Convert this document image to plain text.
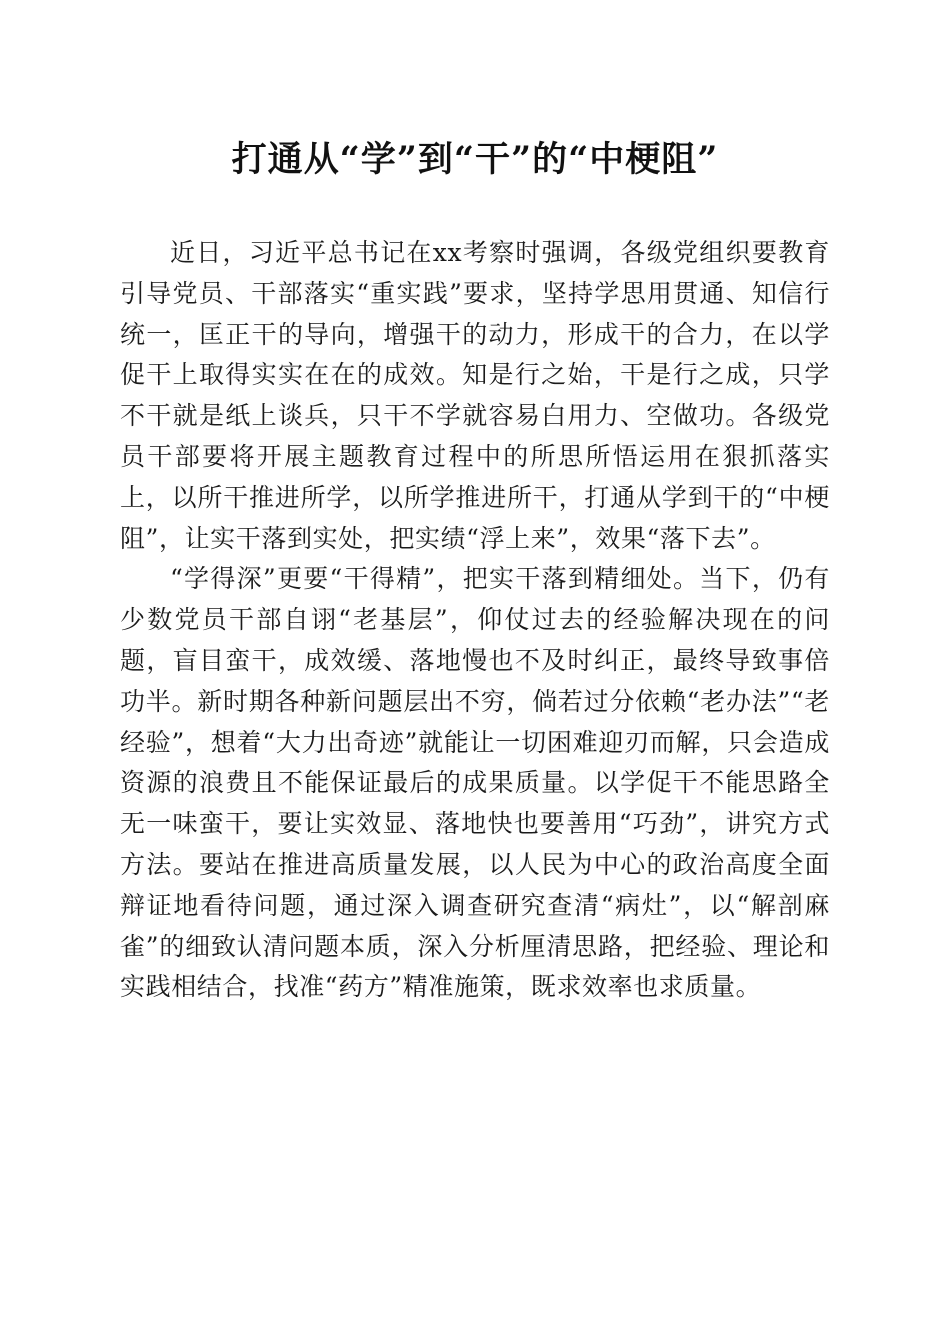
打通从“学”到“干”的“中梗阻”

近日，习近平总书记在xx考察时强调，各级党组织要教育引导党员、干部落实“重实践”要求，坚持学思用贯通、知信行统一，匡正干的导向，增强干的动力，形成干的合力，在以学促干上取得实实在在的成效。知是行之始，干是行之成，只学不干就是纸上谈兵，只干不学就容易白用力、空做功。各级党员干部要将开展主题教育过程中的所思所悟运用在狠抓落实上，以所干推进所学，以所学推进所干，打通从学到干的“中梗阻”，让实干落到实处，把实绩“浮上来”，效果“落下去”。

“学得深”更要“干得精”，把实干落到精细处。当下，仍有少数党员干部自诩“老基层”，仰仗过去的经验解决现在的问题，盲目蛮干，成效缓、落地慢也不及时纠正，最终导致事倍功半。新时期各种新问题层出不穷，倘若过分依赖“老办法”“老经验”，想着“大力出奇迹”就能让一切困难迎刃而解，只会造成资源的浪费且不能保证最后的成果质量。以学促干不能思路全无一味蛮干，要让实效显、落地快也要善用“巧劲”，讲究方式方法。要站在推进高质量发展，以人民为中心的政治高度全面辩证地看待问题，通过深入调查研究查清“病灶”，以“解剖麻雀”的细致认清问题本质，深入分析厘清思路，把经验、理论和实践相结合，找准“药方”精准施策，既求效率也求质量。
